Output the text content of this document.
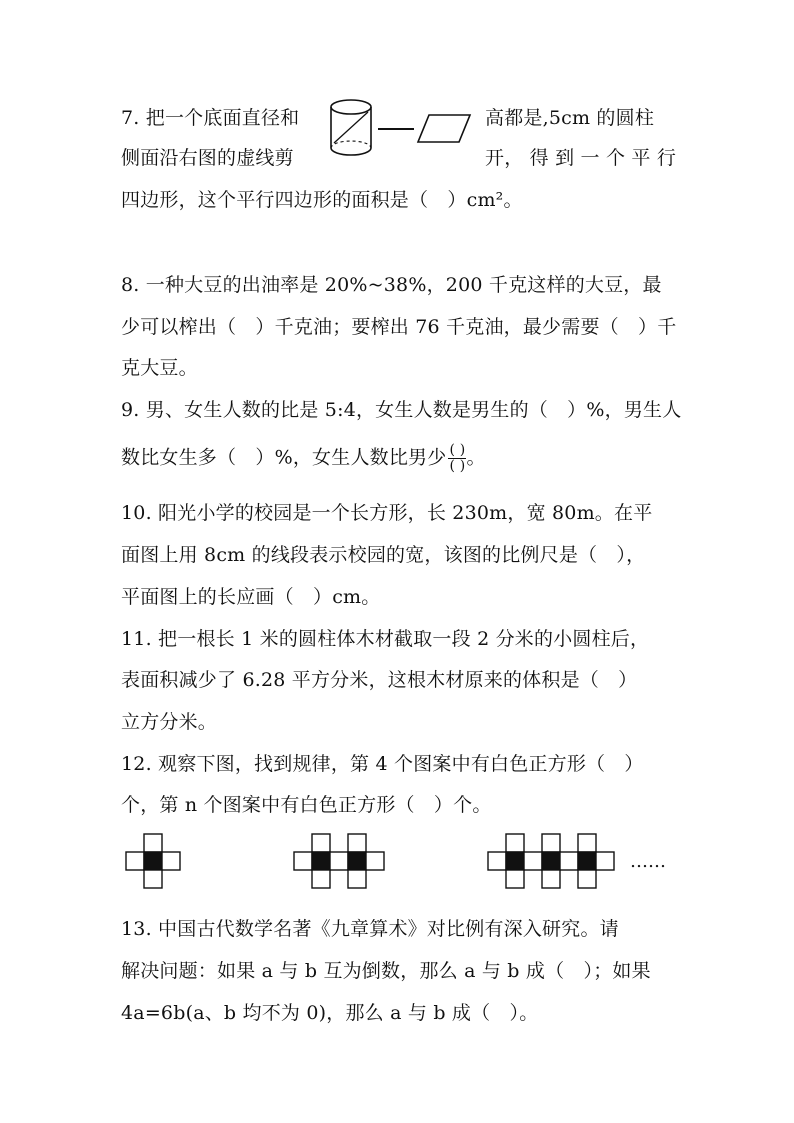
7. 把一个底面直径和	高都是,5cm 的圆柱
侧面沿右图的虚线剪	开， 得 到 一 个 平 行
四边形，这个平行四边形的面积是（　）cm²。
8. 一种大豆的出油率是 20%~38%，200 千克这样的大豆，最
少可以榨出（　）千克油；要榨出 76 千克油，最少需要（　）千
克大豆。
9. 男、女生人数的比是 5:4，女生人数是男生的（　）%，男生人
数比女生多（　）%，女生人数比男少 $\frac{( )}{( )}$ 。
10. 阳光小学的校园是一个长方形，长 230m，宽 80m。在平
面图上用 8cm 的线段表示校园的宽，该图的比例尺是（　），
平面图上的长应画（　）cm。
11. 把一根长 1 米的圆柱体木材截取一段 2 分米的小圆柱后，
表面积减少了 6.28 平方分米，这根木材原来的体积是（　）
立方分米。
12. 观察下图，找到规律，第 4 个图案中有白色正方形（　）
个，第 n 个图案中有白色正方形（　）个。
……
13. 中国古代数学名著《九章算术》对比例有深入研究。请
解决问题：如果 a 与 b 互为倒数，那么 a 与 b 成（　）；如果
4a=6b(a、b 均不为 0)，那么 a 与 b 成（　）。
